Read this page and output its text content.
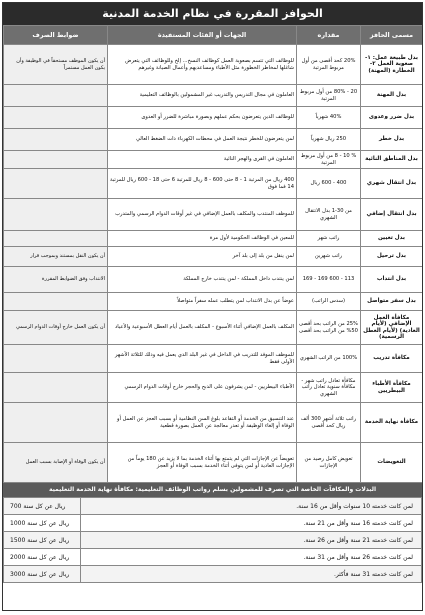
الحوافز المقررة في نظام الخدمة المدنية
مسمى الحافز	مقداره	الجهات أو الفئات المستفيدة	ضوابط الصرف
بدل طبيعة عمل: ١- صعوبة العمل ٢- الخطارة (المهنة)	20% كحد أقصى من أول مربوط المرتبة	للوظائف التي تتسم بصعوبة العمل كوظائف النسخ... إلخ وللوظائف التي يتعرض شاغلها لمخاطر الخطورة مثل الأطباء ومساعديهم وأعمال الصيانة وغيرهم	أن يكون الموظف مستحقاً في الوظيفة وأن يكون العمل مستمراً
بدل المهنة	20 - 80% من أول مربوط المرتبة	العاملون في مجال التدريس والتدريب غير المشمولين بالوظائف التعليمية	
بدل ضرر وعدوى	40% شهرياً	للوظائف الذين يتعرضون بحكم عملهم وبصورة مباشرة للضرر أو العدوى	
بدل خطر	250 ريال شهرياً	لمن يتعرضون للخطر نتيجة العمل في محطات الكهرباء ذات الضغط العالي	
بدل المناطق النائية	% 10 - 8 من أول مربوط المرتبة	العاملون في القرى والهجر النائية	
بدل انتقال شهري	400 - 600 ريال	400 ريال من المرتبة 1 - 8 حتى 600 - 8 ريال للمرتبة 6 حتى 18 - 600 ريال للمرتبة 14 فما فوق	
بدل انتقال إضافي	من 30-1 بدل الانتقال الشهري	للموظف المنتدب والمكلف بالعمل الإضافي في غير أوقات الدوام الرسمي والمتدرب	
بدل تعيين	راتب شهر	للمعين في الوظائف الحكومية لأول مرة	
بدل ترحيل	راتب شهرين	لمن ينقل من بلد إلى بلد آخر	أن يكون النقل بمستند وبموجب قرار
بدل انتداب	113 - 600 169 - 169	لمن ينتدب داخل المملكة - لمن ينتدب خارج المملكة	الانتداب وفق الضوابط المقررة
بدل سفر متواصل	(سدس الراتب)	عوضاً عن بدل الانتداب لمن يتطلب عمله سفراً متواصلاً	
مكافأة العمل الإضافي (لأيام العادية) (لأيام العطل الرسمية)	25% من الراتب بحد أقصى 50% من الراتب بحد أقصى	المكلف بالعمل الإضافي أثناء الأسبوع - المكلف بالعمل أيام العطل الأسبوعية والأعياد	أن يكون العمل خارج أوقات الدوام الرسمي
مكافأة تدريب	100% من الراتب الشهري	للموظف الموفد للتدريب في الداخل في غير البلد الذي يعمل فيه وذلك للثلاثة الأشهر الأولى فقط	
مكافأة الأطباء البيطريين	مكافأة تعادل راتب شهر - مكافأة سنوية تعادل راتب الشهري	الأطباء البيطريين - لمن يشرفون على الذبح والحجر خارج أوقات الدوام الرسمي	
مكافأة نهاية الخدمة	راتب ثلاثة أشهر 300 ألف ريال كحد أقصى	عند التنسيق من الخدمة أو التقاعد بلوغ السن النظامية أو بسبب العجز عن العمل أو الوفاة أو إلغاء الوظيفة أو تعذر معالجة عن العمل بصورة قطعية	
التعويضات	تعويض كامل رصيد من الإجازات	تعويضاً عن الإجازات التي لم يتمتع بها أثناء الخدمة بما لا يزيد عن 180 يوماً من الإجازات العادية أو لمن يتوفى أثناء الخدمة بسبب الوفاة أو العجز	أن يكون الوفاة أو الإصابة بسبب العمل
البدلات والمكافآت الخاصة التي تصرف للمشمولين بسلم رواتب الوظائف التعليمية: مكافأة نهاية الخدمة التعليمية
لمن كانت خدمته 10 سنوات وأقل من 16 سنة.	700 ريال عن كل سنة
لمن كانت خدمته 16 سنة وأقل من 21 سنة.	1000 ريال عن كل سنة
لمن كانت خدمته 21 سنة وأقل من 26 سنة.	1500 ريال عن كل سنة
لمن كانت خدمته 26 سنة وأقل من 31 سنة.	2000 ريال عن كل سنة
لمن كانت خدمته 31 سنة فأكثر.	3000 ريال عن كل سنة
